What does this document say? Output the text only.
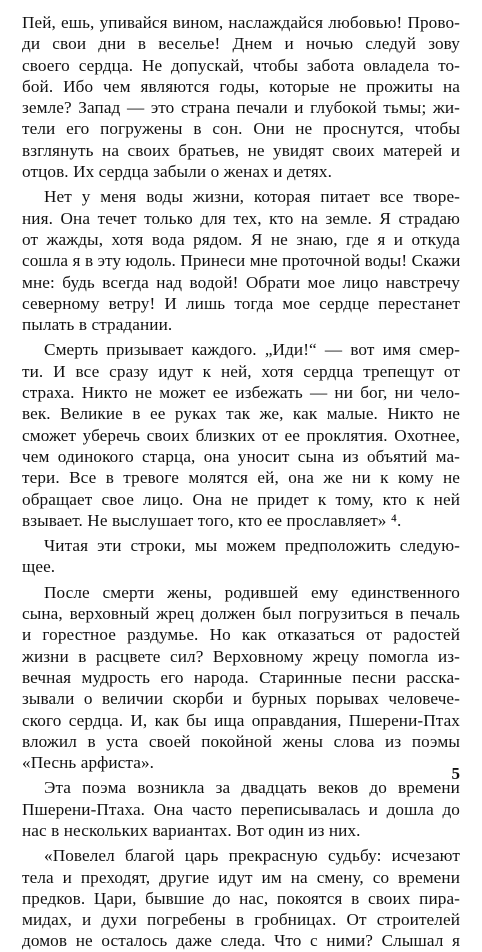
Пей, ешь, упивайся вином, наслаждайся любовью! Прово-
ди свои дни в веселье! Днем и ночью следуй зову
своего сердца. Не допускай, чтобы забота овладела то-
бой. Ибо чем являются годы, которые не прожиты на
земле? Запад — это страна печали и глубокой тьмы; жи-
тели его погружены в сон. Они не проснутся, чтобы
взглянуть на своих братьев, не увидят своих матерей и
отцов. Их сердца забыли о женах и детях.
Нет у меня воды жизни, которая питает все творе-
ния. Она течет только для тех, кто на земле. Я страдаю
от жажды, хотя вода рядом. Я не знаю, где я и откуда
сошла я в эту юдоль. Принеси мне проточной воды! Скажи
мне: будь всегда над водой! Обрати мое лицо навстречу
северному ветру! И лишь тогда мое сердце перестанет
пылать в страдании.
Смерть призывает каждого. „Иди!“ — вот имя смер-
ти. И все сразу идут к ней, хотя сердца трепещут от
страха. Никто не может ее избежать — ни бог, ни чело-
век. Великие в ее руках так же, как малые. Никто не
сможет уберечь своих близких от ее проклятия. Охотнее,
чем одинокого старца, она уносит сына из объятий ма-
тери. Все в тревоге молятся ей, она же ни к кому не
обращает свое лицо. Она не придет к тому, кто к ней
взывает. Не выслушает того, кто ее прославляет» ⁴.
Читая эти строки, мы можем предположить следую-
щее.
После смерти жены, родившей ему единственного
сына, верховный жрец должен был погрузиться в печаль
и горестное раздумье. Но как отказаться от радостей
жизни в расцвете сил? Верховному жрецу помогла из-
вечная мудрость его народа. Старинные песни расска-
зывали о величии скорби и бурных порывах человече-
ского сердца. И, как бы ища оправдания, Пшерени-Птах
вложил в уста своей покойной жены слова из поэмы
«Песнь арфиста».
Эта поэма возникла за двадцать веков до времени
Пшерени-Птаха. Она часто переписывалась и дошла до
нас в нескольких вариантах. Вот один из них.
«Повелел благой царь прекрасную судьбу: исчезают
тела и преходят, другие идут им на смену, со времени
предков. Цари, бывшие до нас, покоятся в своих пира-
мидах, и духи погребены в гробницах. От строителей
домов не осталось даже следа. Что с ними? Слышал я
5
